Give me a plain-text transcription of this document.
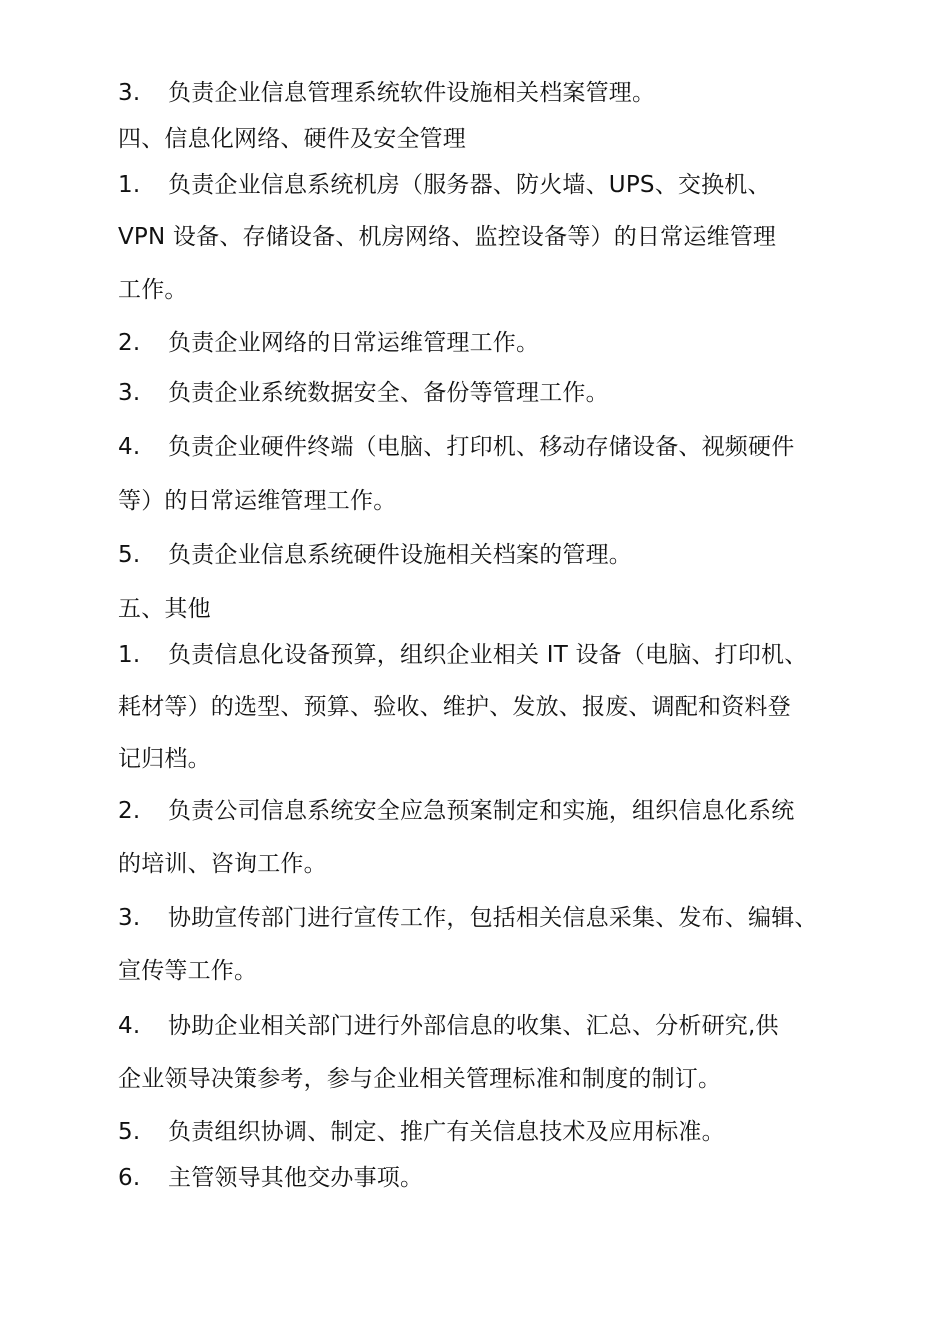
3. 负责企业信息管理系统软件设施相关档案管理。
四、信息化网络、硬件及安全管理
1. 负责企业信息系统机房（服务器、防火墙、UPS、交换机、
VPN 设备、存储设备、机房网络、监控设备等）的日常运维管理
工作。
2. 负责企业网络的日常运维管理工作。
3. 负责企业系统数据安全、备份等管理工作。
4. 负责企业硬件终端（电脑、打印机、移动存储设备、视频硬件
等）的日常运维管理工作。
5. 负责企业信息系统硬件设施相关档案的管理。
五、其他
1. 负责信息化设备预算，组织企业相关 IT 设备（电脑、打印机、
耗材等）的选型、预算、验收、维护、发放、报废、调配和资料登
记归档。
2. 负责公司信息系统安全应急预案制定和实施，组织信息化系统
的培训、咨询工作。
3. 协助宣传部门进行宣传工作，包括相关信息采集、发布、编辑、
宣传等工作。
4. 协助企业相关部门进行外部信息的收集、汇总、分析研究,供
企业领导决策参考，参与企业相关管理标准和制度的制订。
5. 负责组织协调、制定、推广有关信息技术及应用标准。
6. 主管领导其他交办事项。
